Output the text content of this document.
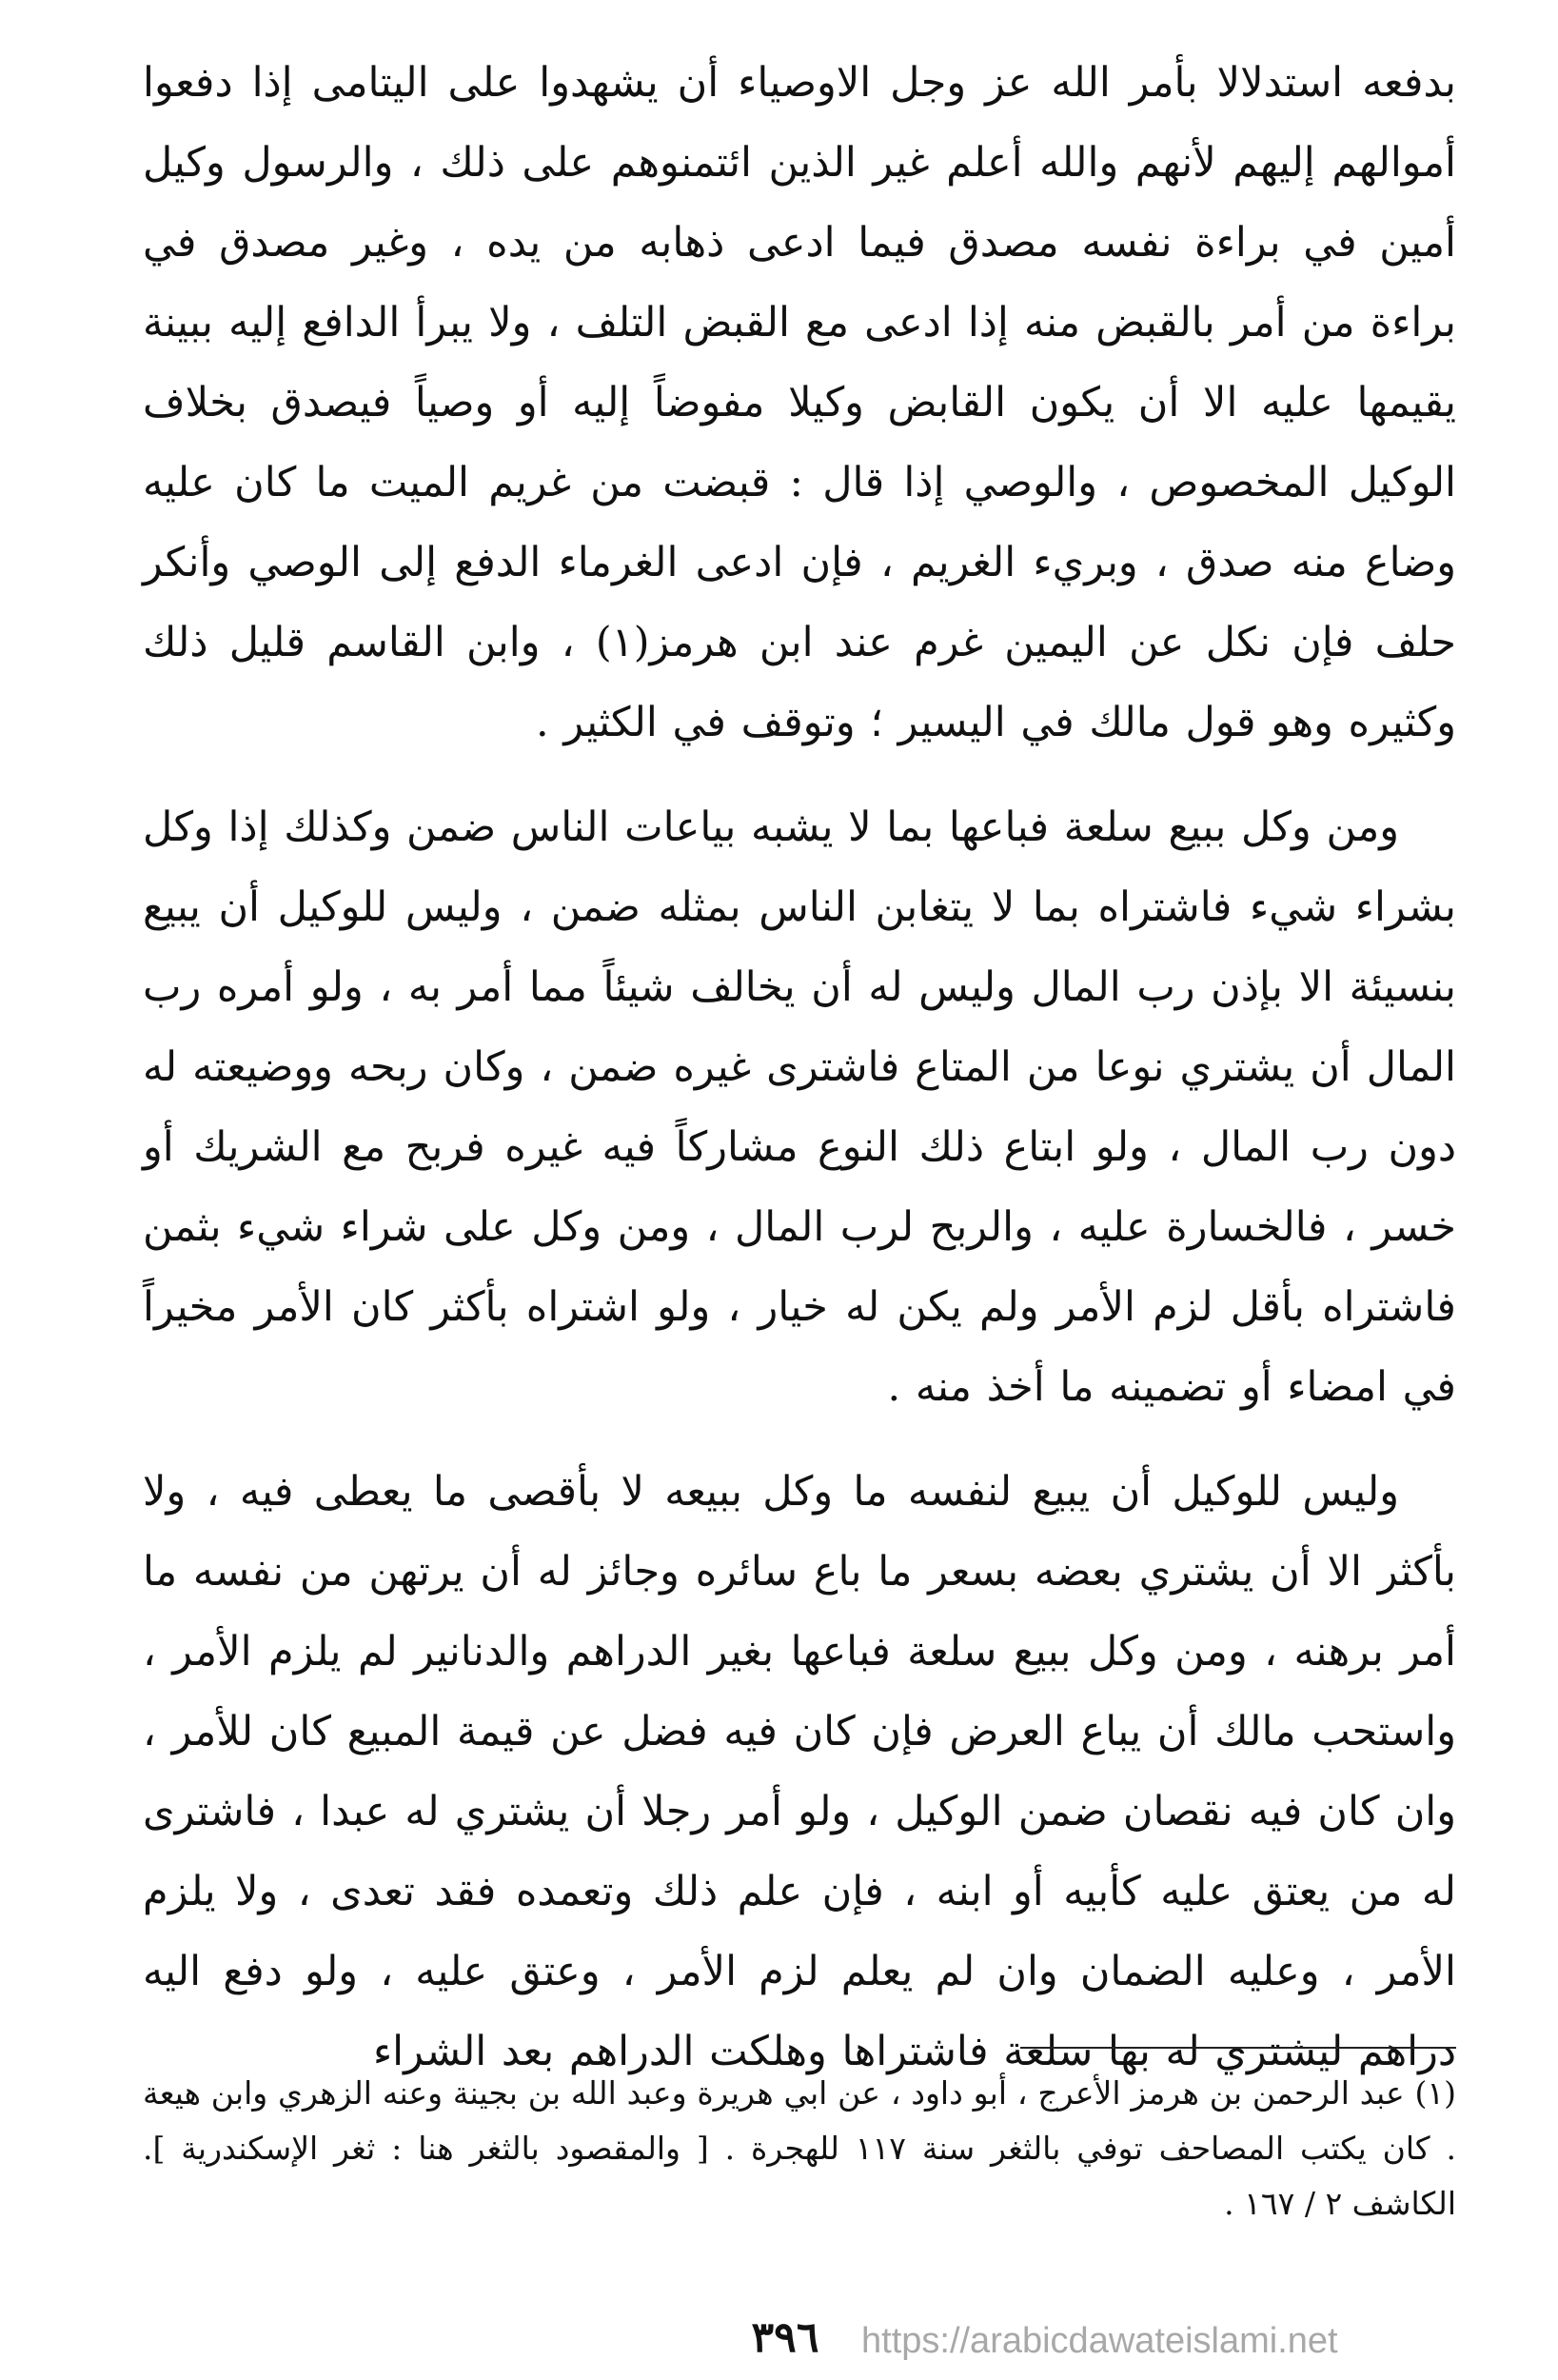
بدفعه استدلالا بأمر الله عز وجل الاوصياء أن يشهدوا على اليتامى إذا دفعوا أموالهم إليهم لأنهم والله أعلم غير الذين ائتمنوهم على ذلك ، والرسول وكيل أمين في براءة نفسه مصدق فيما ادعى ذهابه من يده ، وغير مصدق في براءة من أمر بالقبض منه إذا ادعى مع القبض التلف ، ولا يبرأ الدافع إليه ببينة يقيمها عليه الا أن يكون القابض وكيلا مفوضاً إليه أو وصياً فيصدق بخلاف الوكيل المخصوص ، والوصي إذا قال : قبضت من غريم الميت ما كان عليه وضاع منه صدق ، وبريء الغريم ، فإن ادعى الغرماء الدفع إلى الوصي وأنكر حلف فإن نكل عن اليمين غرم عند ابن هرمز(١) ، وابن القاسم قليل ذلك وكثيره وهو قول مالك في اليسير ؛ وتوقف في الكثير .

ومن وكل ببيع سلعة فباعها بما لا يشبه بياعات الناس ضمن وكذلك إذا وكل بشراء شيء فاشتراه بما لا يتغابن الناس بمثله ضمن ، وليس للوكيل أن يبيع بنسيئة الا بإذن رب المال وليس له أن يخالف شيئاً مما أمر به ، ولو أمره رب المال أن يشتري نوعا من المتاع فاشترى غيره ضمن ، وكان ربحه ووضيعته له دون رب المال ، ولو ابتاع ذلك النوع مشاركاً فيه غيره فربح مع الشريك أو خسر ، فالخسارة عليه ، والربح لرب المال ، ومن وكل على شراء شيء بثمن فاشتراه بأقل لزم الأمر ولم يكن له خيار ، ولو اشتراه بأكثر كان الأمر مخيراً في امضاء أو تضمينه ما أخذ منه .

وليس للوكيل أن يبيع لنفسه ما وكل ببيعه لا بأقصى ما يعطى فيه ، ولا بأكثر الا أن يشتري بعضه بسعر ما باع سائره وجائز له أن يرتهن من نفسه ما أمر برهنه ، ومن وكل ببيع سلعة فباعها بغير الدراهم والدنانير لم يلزم الأمر ، واستحب مالك أن يباع العرض فإن كان فيه فضل عن قيمة المبيع كان للأمر ، وان كان فيه نقصان ضمن الوكيل ، ولو أمر رجلا أن يشتري له عبدا ، فاشترى له من يعتق عليه كأبيه أو ابنه ، فإن علم ذلك وتعمده فقد تعدى ، ولا يلزم الأمر ، وعليه الضمان وان لم يعلم لزم الأمر ، وعتق عليه ، ولو دفع اليه دراهم ليشتري له بها سلعة فاشتراها وهلكت الدراهم بعد الشراء

(١) عبد الرحمن بن هرمز الأعرج ، أبو داود ، عن ابي هريرة وعبد الله بن بجينة وعنه الزهري وابن هيعة . كان يكتب المصاحف توفي بالثغر سنة ١١٧ للهجرة . [ والمقصود بالثغر هنا : ثغر الإسكندرية ]. الكاشف ٢ / ١٦٧ .
٣٩٦	https://arabicdawateislami.net
